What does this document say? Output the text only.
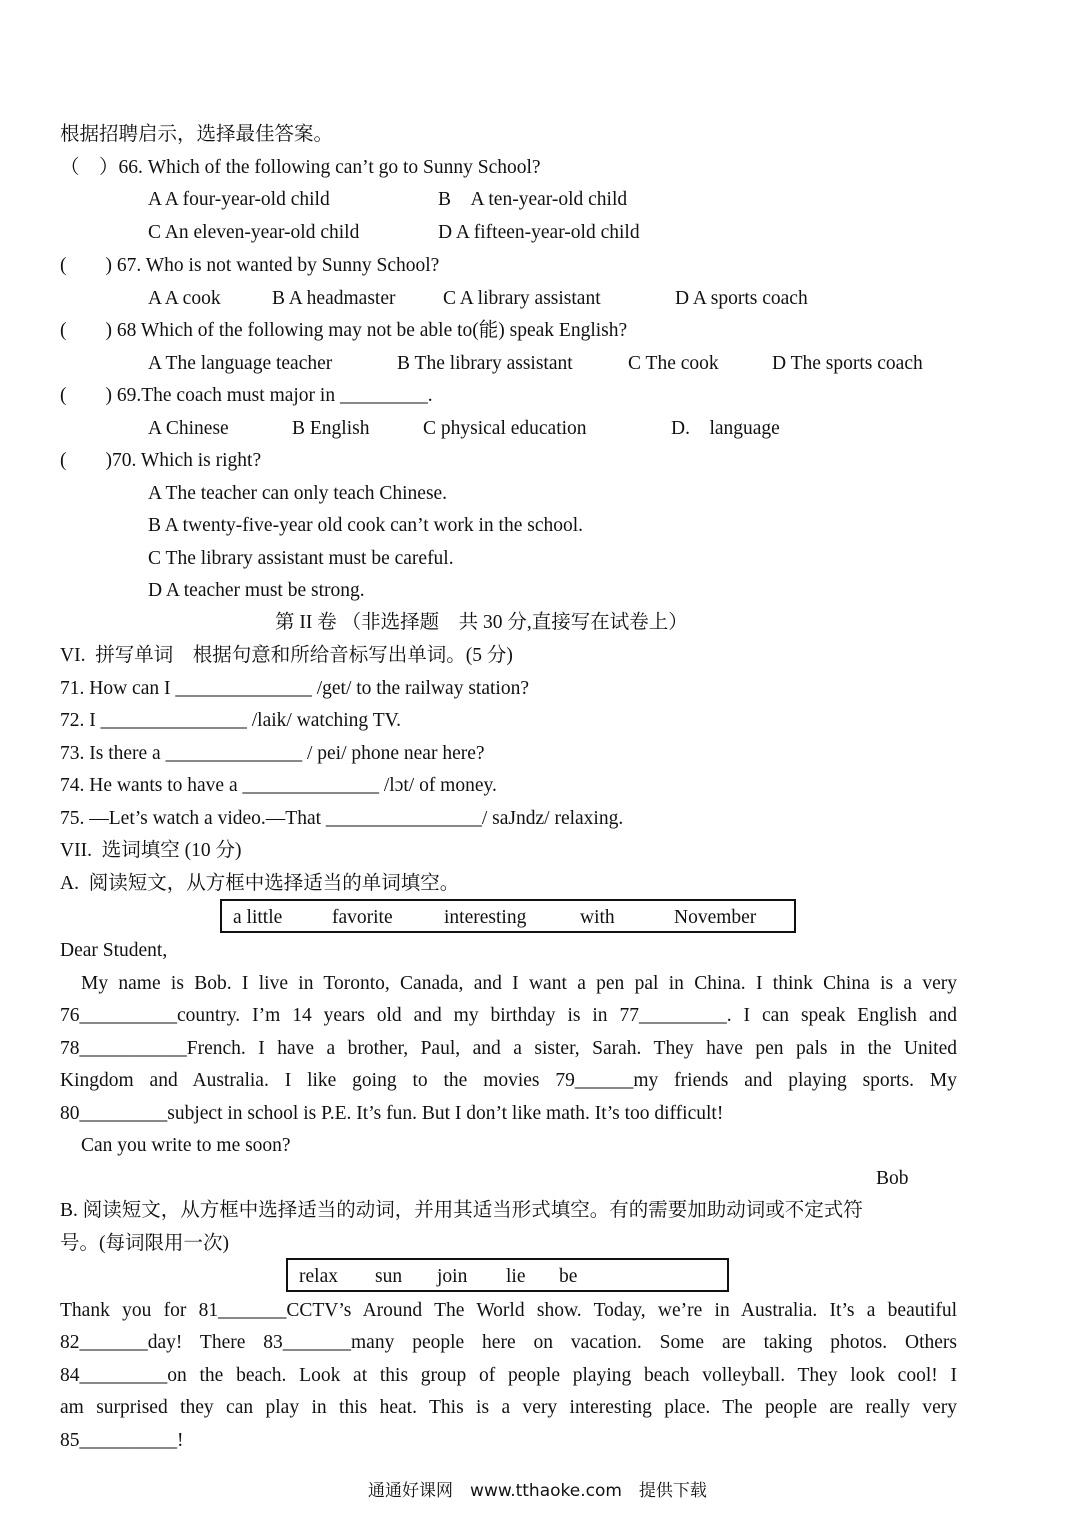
根据招聘启示，选择最佳答案。
（　）66. Which of the following can’t go to Sunny School?
A A four-year-old child	B　A ten-year-old child
C An eleven-year-old child	D A fifteen-year-old child
(　　) 67. Who is not wanted by Sunny School?
A A cook	B A headmaster C A library assistant	D A sports coach
(　　) 68 Which of the following may not be able to(能) speak English?
A The language teacher	B The library assistant	C The cook	D The sports coach
(　　) 69.The coach must major in _________.
A Chinese	B English	C physical education	D.　language
(　　)70. Which is right?
A The teacher can only teach Chinese.
B A twenty-five-year old cook can’t work in the school.
C The library assistant must be careful.
D A teacher must be strong.
第 II 卷 （非选择题　共 30 分,直接写在试卷上）
VI.  拼写单词　根据句意和所给音标写出单词。(5 分)
71. How can I ______________ /get/ to the railway station?
72. I _______________ /laik/ watching TV.
73. Is there a ______________ / pei/ phone near here?
74. He wants to have a ______________ /lɔt/ of money.
75. —Let’s watch a video.—That ________________/ saJndz/ relaxing.
VII.  选词填空 (10 分)
A.  阅读短文，从方框中选择适当的单词填空。
a little	favorite	interesting	with	November
Dear Student,
My name is Bob. I live in Toronto, Canada, and I want a pen pal in China. I think China is a very
76__________country. I’m 14 years old and my birthday is in 77_________. I can speak English and
78___________French. I have a brother, Paul, and a sister, Sarah. They have pen pals in the United
Kingdom and Australia. I like going to the movies 79______my friends and playing sports. My
80_________subject in school is P.E. It’s fun. But I don’t like math. It’s too difficult!
Can you write to me soon?
Bob
B. 阅读短文，从方框中选择适当的动词，并用其适当形式填空。有的需要加助动词或不定式符
号。(每词限用一次)
relax sun join lie be
Thank you for 81_______CCTV’s Around The World show. Today, we’re in Australia. It’s a beautiful
82_______day! There 83_______many people here on vacation. Some are taking photos. Others
84_________on the beach. Look at this group of people playing beach volleyball. They look cool! I
am surprised they can play in this heat. This is a very interesting place. The people are really very
85__________!
通通好课网　www.tthaoke.com　提供下载
